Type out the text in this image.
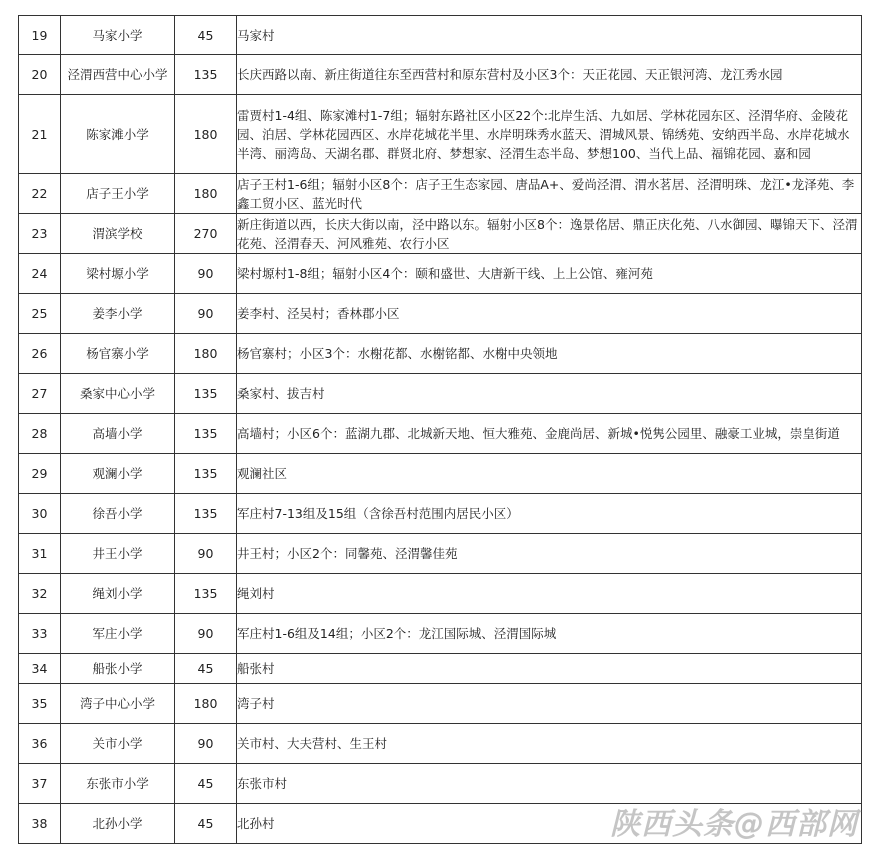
19	马家小学	45	马家村
20	泾渭西营中心小学	135	长庆西路以南、新庄街道往东至西营村和原东营村及小区3个：天正花园、天正银河湾、龙江秀水园
21	陈家滩小学	180	雷贾村1-4组、陈家滩村1-7组；辐射东路社区小区22个:北岸生活、九如居、学林花园东区、泾渭华府、金陵花园、泊居、学林花园西区、水岸花城花半里、水岸明珠秀水蓝天、渭城风景、锦绣苑、安纳西半岛、水岸花城水半湾、丽湾岛、天湖名郡、群贤北府、梦想家、泾渭生态半岛、梦想100、当代上品、福锦花园、嘉和园
22	店子王小学	180	店子王村1-6组；辐射小区8个：店子王生态家园、唐品A+、爱尚泾渭、渭水茗居、泾渭明珠、龙江•龙泽苑、李鑫工贸小区、蓝光时代
23	渭滨学校	270	新庄街道以西，长庆大街以南，泾中路以东。辐射小区8个：逸景佲居、鼎正庆化苑、八水御园、曝锦天下、泾渭花苑、泾渭春天、河风雅苑、农行小区
24	梁村塬小学	90	梁村塬村1-8组；辐射小区4个：颐和盛世、大唐新干线、上上公馆、雍河苑
25	姜李小学	90	姜李村、泾吴村；香林郡小区
26	杨官寨小学	180	杨官寨村；小区3个：水榭花都、水榭铭都、水榭中央领地
27	桑家中心小学	135	桑家村、拔吉村
28	高墙小学	135	高墙村；小区6个：蓝湖九郡、北城新天地、恒大雅苑、金鹿尚居、新城•悦隽公园里、融豪工业城，崇皇街道
29	观澜小学	135	观澜社区
30	徐吾小学	135	军庄村7-13组及15组（含徐吾村范围内居民小区）
31	井王小学	90	井王村；小区2个：同馨苑、泾渭馨佳苑
32	绳刘小学	135	绳刘村
33	军庄小学	90	军庄村1-6组及14组；小区2个：龙江国际城、泾渭国际城
34	船张小学	45	船张村
35	湾子中心小学	180	湾子村
36	关市小学	90	关市村、大夫营村、生王村
37	东张市小学	45	东张市村
38	北孙小学	45	北孙村	陕西头条@西部网
